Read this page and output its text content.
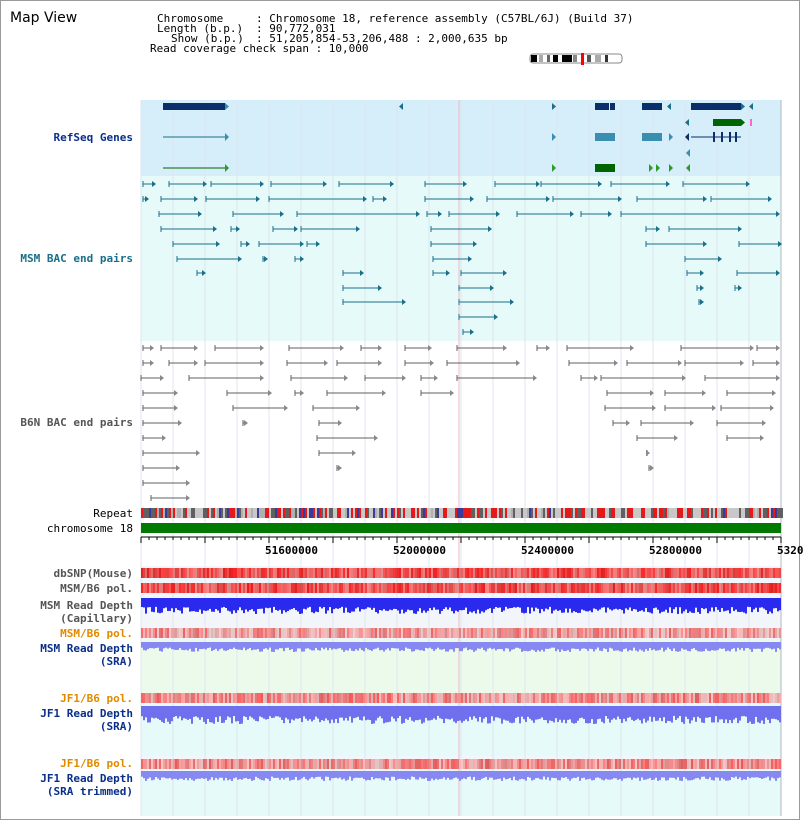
Map View	Chromosome	: Chromosome 18, reference assembly (C57BL/6J) (Build 37)
Length (b.p.) : 90,772,031
Show (b.p.) : 51,205,854-53,206,488 : 2,000,635 bp
Read coverage check span : 10,000
RefSeq Genes
MSM BAC end pairs
B6N BAC end pairs
Repeat
chromosome 18
dbSNP(Mouse)
MSM/B6 pol.
MSM Read Depth
(Capillary)
MSM/B6 pol.
MSM Read Depth
(SRA)
JF1/B6 pol.
JF1 Read Depth
(SRA)
JF1/B6 pol.
JF1 Read Depth
(SRA trimmed)
51600000	52000000	52400000	52800000	5320
